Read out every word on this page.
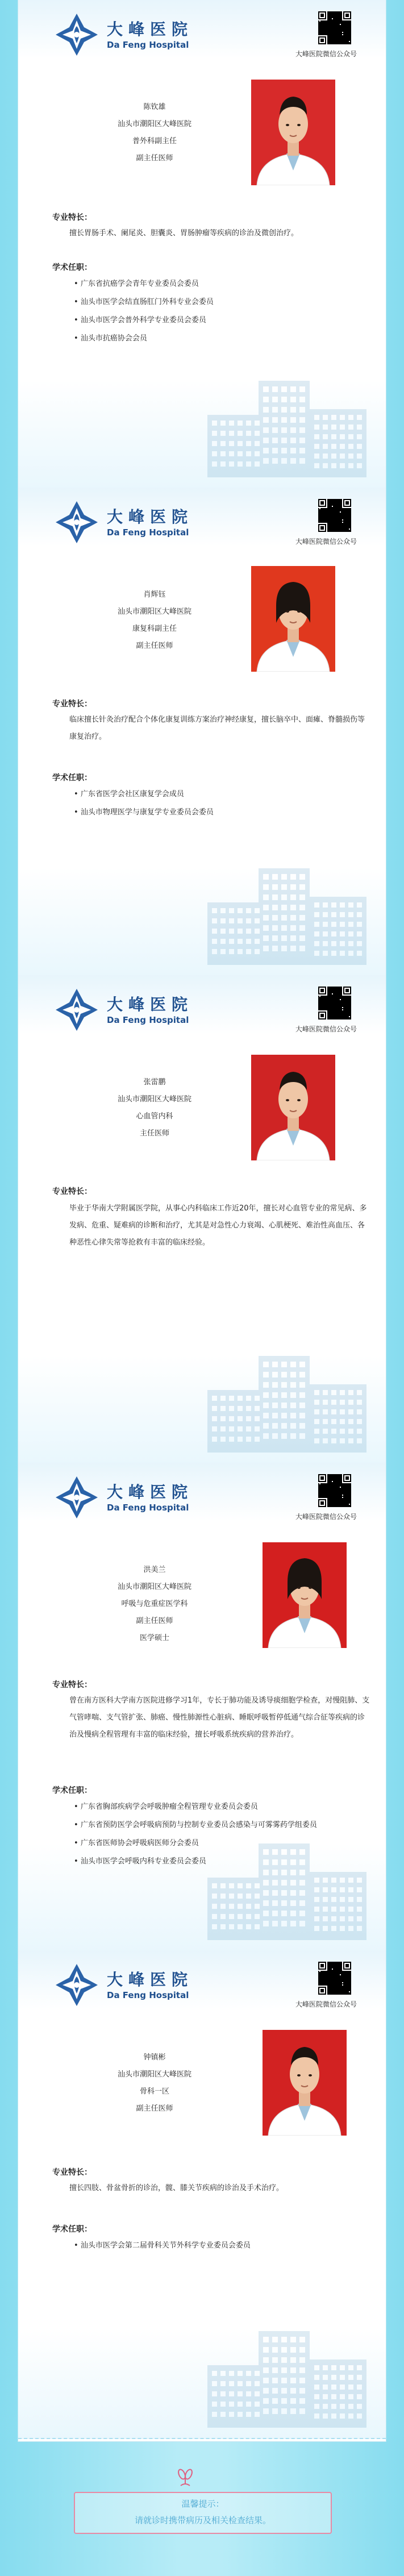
大峰医院
Da Feng Hospital
大峰医院微信公众号
陈钦雄
汕头市潮阳区大峰医院
普外科副主任
副主任医师
专业特长：
擅长胃肠手术、阑尾炎、胆囊炎、胃肠肿瘤等疾病的诊治及微创治疗。
学术任职：
• 广东省抗癌学会青年专业委员会委员
• 汕头市医学会结直肠肛门外科专业会委员
• 汕头市医学会普外科学专业委员会委员
• 汕头市抗癌协会会员
大峰医院
Da Feng Hospital
大峰医院微信公众号
肖辉钰
汕头市潮阳区大峰医院
康复科副主任
副主任医师
专业特长：
临床擅长针灸治疗配合个体化康复训练方案治疗神经康复，擅长脑卒中、面瘫、脊髓损伤等康复治疗。
学术任职：
• 广东省医学会社区康复学会成员
• 汕头市物理医学与康复学专业委员会委员
大峰医院
Da Feng Hospital
大峰医院微信公众号
张雷鹏
汕头市潮阳区大峰医院
心血管内科
主任医师
专业特长：
毕业于华南大学附属医学院，从事心内科临床工作近20年，擅长对心血管专业的常见病、多发病、危重、疑难病的诊断和治疗，尤其是对急性心力衰竭、心肌梗死、难治性高血压、各种恶性心律失常等抢救有丰富的临床经验。
大峰医院
Da Feng Hospital
大峰医院微信公众号
洪美兰
汕头市潮阳区大峰医院
呼吸与危重症医学科
副主任医师
医学硕士
专业特长：
曾在南方医科大学南方医院进修学习1年，专长于肺功能及诱导痰细胞学检查，对慢阻肺、支气管哮喘、支气管扩张、肺癌、慢性肺源性心脏病、睡眠呼吸暂停低通气综合征等疾病的诊治及慢病全程管理有丰富的临床经验，擅长呼吸系统疾病的营养治疗。
学术任职：
• 广东省胸部疾病学会呼吸肿瘤全程管理专业委员会委员
• 广东省预防医学会呼吸病预防与控制专业委员会感染与可雾雾药学组委员
• 广东省医师协会呼吸病医师分会委员
• 汕头市医学会呼吸内科专业委员会委员
大峰医院
Da Feng Hospital
大峰医院微信公众号
钟镇彬
汕头市潮阳区大峰医院
骨科一区
副主任医师
专业特长：
擅长四肢、骨盆骨折的诊治，髋、膝关节疾病的诊治及手术治疗。
学术任职：
• 汕头市医学会第二届骨科关节外科学专业委员会委员
温馨提示：
请就诊时携带病历及相关检查结果。
